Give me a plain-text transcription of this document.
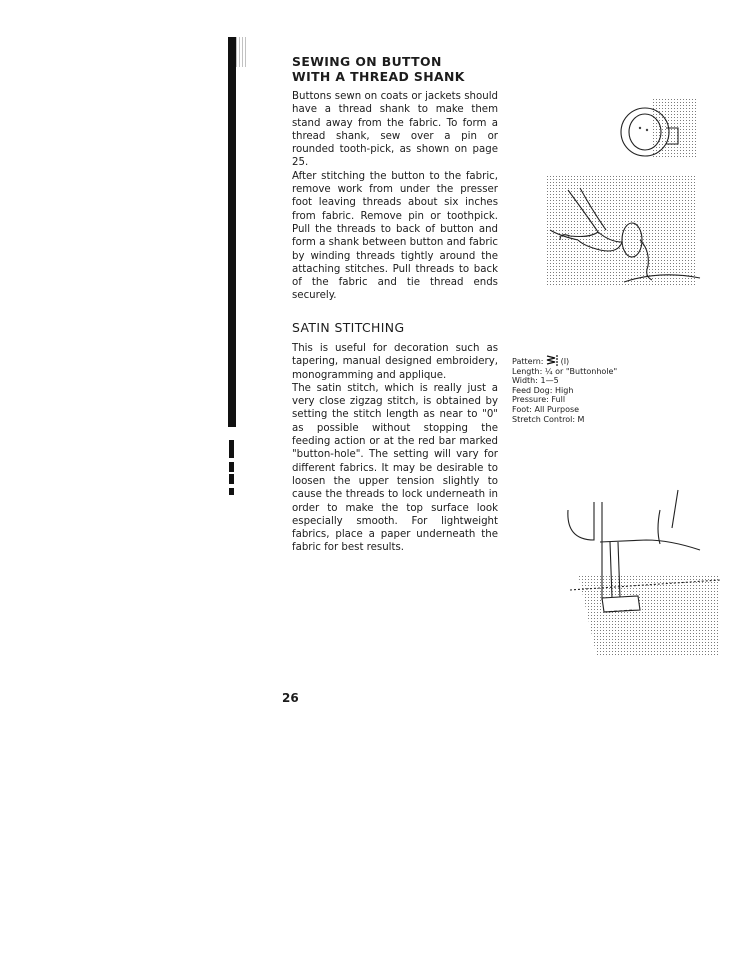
SEWING ON BUTTON
WITH A THREAD SHANK

Buttons sewn on coats or jackets should have a thread shank to make them stand away from the fabric. To form a thread shank, sew over a pin or rounded tooth-pick, as shown on page 25.

After stitching the button to the fabric, remove work from under the presser foot leaving threads about six inches from fabric. Remove pin or toothpick. Pull the threads to back of button and form a shank between button and fabric by winding threads tightly around the attaching stitches. Pull threads to back of the fabric and tie thread ends securely.

SATIN STITCHING

This is useful for decoration such as tapering, manual designed embroidery, monogramming and applique.

The satin stitch, which is really just a very close zigzag stitch, is obtained by setting the stitch length as near to "0" as possible without stopping the feeding action or at the red bar marked "button-hole". The setting will vary for different fabrics. It may be desirable to loosen the upper tension slightly to cause the threads to lock underneath in order to make the top surface look especially smooth. For lightweight fabrics, place a paper underneath the fabric for best results.

Pattern: (I)

Length: ¼ or "Buttonhole"

Width: 1—5

Feed Dog: High

Pressure: Full

Foot: All Purpose

Stretch Control: M

26
